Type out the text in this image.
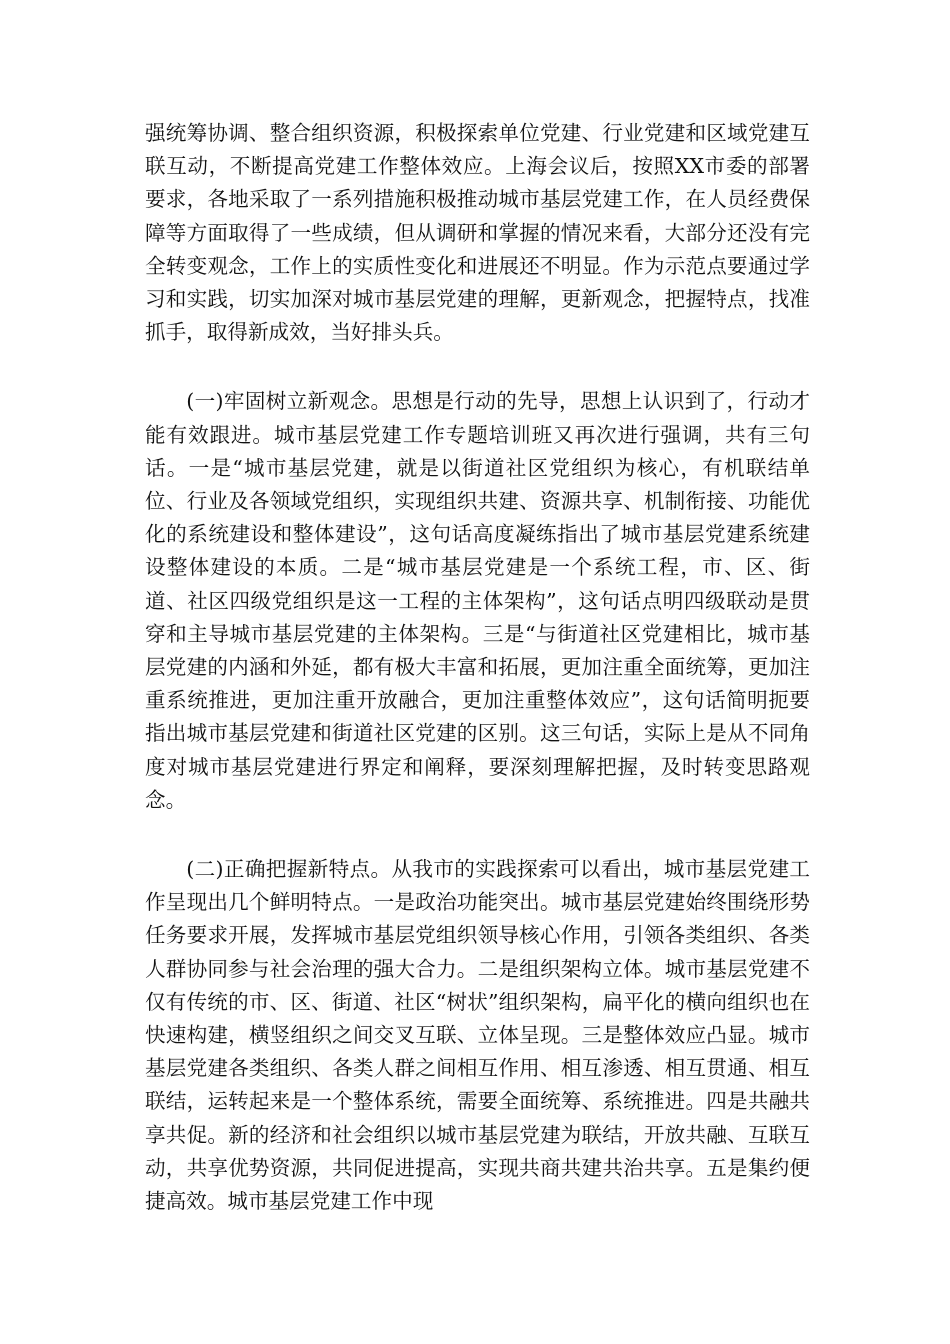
强统筹协调、整合组织资源，积极探索单位党建、行业党建和区域党建互联互动，不断提高党建工作整体效应。上海会议后，按照XX市委的部署要求，各地采取了一系列措施积极推动城市基层党建工作，在人员经费保障等方面取得了一些成绩，但从调研和掌握的情况来看，大部分还没有完全转变观念，工作上的实质性变化和进展还不明显。作为示范点要通过学习和实践，切实加深对城市基层党建的理解，更新观念，把握特点，找准抓手，取得新成效，当好排头兵。

(一)牢固树立新观念。思想是行动的先导，思想上认识到了，行动才能有效跟进。城市基层党建工作专题培训班又再次进行强调，共有三句话。一是“城市基层党建，就是以街道社区党组织为核心，有机联结单位、行业及各领域党组织，实现组织共建、资源共享、机制衔接、功能优化的系统建设和整体建设”，这句话高度凝练指出了城市基层党建系统建设整体建设的本质。二是“城市基层党建是一个系统工程，市、区、街道、社区四级党组织是这一工程的主体架构”，这句话点明四级联动是贯穿和主导城市基层党建的主体架构。三是“与街道社区党建相比，城市基层党建的内涵和外延，都有极大丰富和拓展，更加注重全面统筹，更加注重系统推进，更加注重开放融合，更加注重整体效应”，这句话简明扼要指出城市基层党建和街道社区党建的区别。这三句话，实际上是从不同角度对城市基层党建进行界定和阐释，要深刻理解把握，及时转变思路观念。

(二)正确把握新特点。从我市的实践探索可以看出，城市基层党建工作呈现出几个鲜明特点。一是政治功能突出。城市基层党建始终围绕形势任务要求开展，发挥城市基层党组织领导核心作用，引领各类组织、各类人群协同参与社会治理的强大合力。二是组织架构立体。城市基层党建不仅有传统的市、区、街道、社区“树状”组织架构，扁平化的横向组织也在快速构建，横竖组织之间交叉互联、立体呈现。三是整体效应凸显。城市基层党建各类组织、各类人群之间相互作用、相互渗透、相互贯通、相互联结，运转起来是一个整体系统，需要全面统筹、系统推进。四是共融共享共促。新的经济和社会组织以城市基层党建为联结，开放共融、互联互动，共享优势资源，共同促进提高，实现共商共建共治共享。五是集约便捷高效。城市基层党建工作中现
